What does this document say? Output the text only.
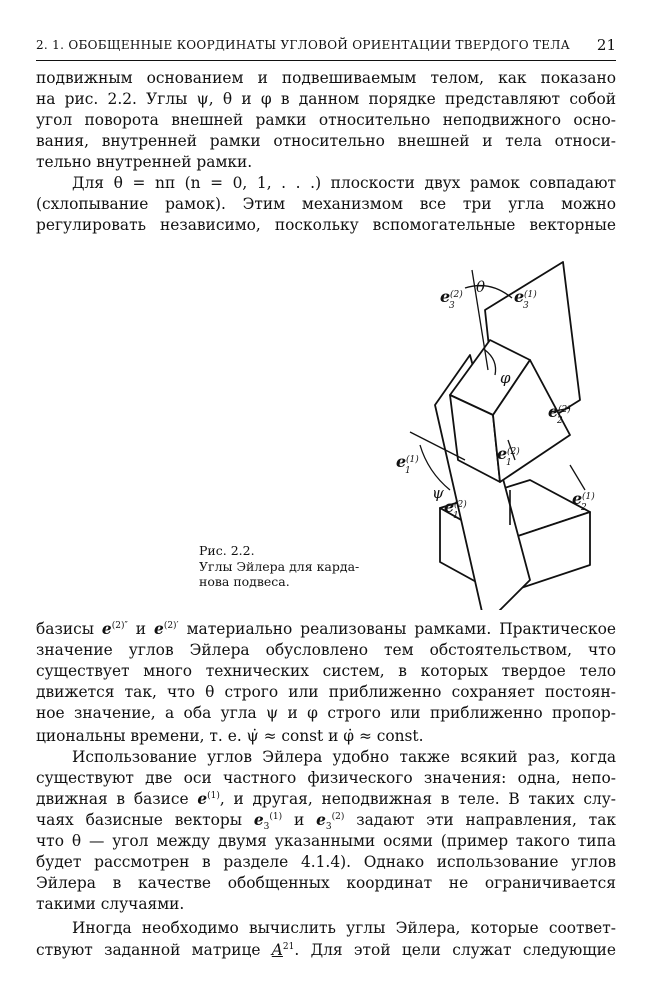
2. 1. ОБОБЩЕННЫЕ КООРДИНАТЫ УГЛОВОЙ ОРИЕНТАЦИИ ТВЕРДОГО ТЕЛА 21
подвижным основанием и подвешиваемым телом, как показано
на рис. 2.2. Углы ψ, θ и φ в данном порядке представляют собой
угол поворота внешней рамки относительно неподвижного осно-
вания, внутренней рамки относительно внешней и тела относи-
тельно внутренней рамки.
Для θ = nπ (n = 0, 1, . . .) плоскости двух рамок совпадают
(схлопывание рамок). Этим механизмом все три угла можно
регулировать независимо, поскольку вспомогательные векторные
θ
ψ
φ
e (2)
3	e (1)
3
e (2)
2
e (2)
1
e (1)
1
e (2)
1
e (1)
2
Рис. 2.2.
Углы Эйлера для карда-
нова подвеса.
базисы $e^{(2)''}$ и $e^{(2)'}$ материально реализованы рамками. Практическое
значение углов Эйлера обусловлено тем обстоятельством, что
существует много технических систем, в которых твердое тело
движется так, что θ строго или приближенно сохраняет постоян-
ное значение, а оба угла ψ и φ строго или приближенно пропор-
циональны времени, т. е. ψ̇ ≈ const и φ̇ ≈ const.
Использование углов Эйлера удобно также всякий раз, когда
существуют две оси частного физического значения: одна, непо-
движная в базисе $e^{(1)}$, и другая, неподвижная в теле. В таких слу-
чаях базисные векторы $e_3^{(1)}$ и $e_3^{(2)}$ задают эти направления, так
что θ — угол между двумя указанными осями (пример такого типа
будет рассмотрен в разделе 4.1.4). Однако использование углов
Эйлера в качестве обобщенных координат не ограничивается
такими случаями.
Иногда необходимо вычислить углы Эйлера, которые соответ-
ствуют заданной матрице $A^{21}$. Для этой цели служат следующие
